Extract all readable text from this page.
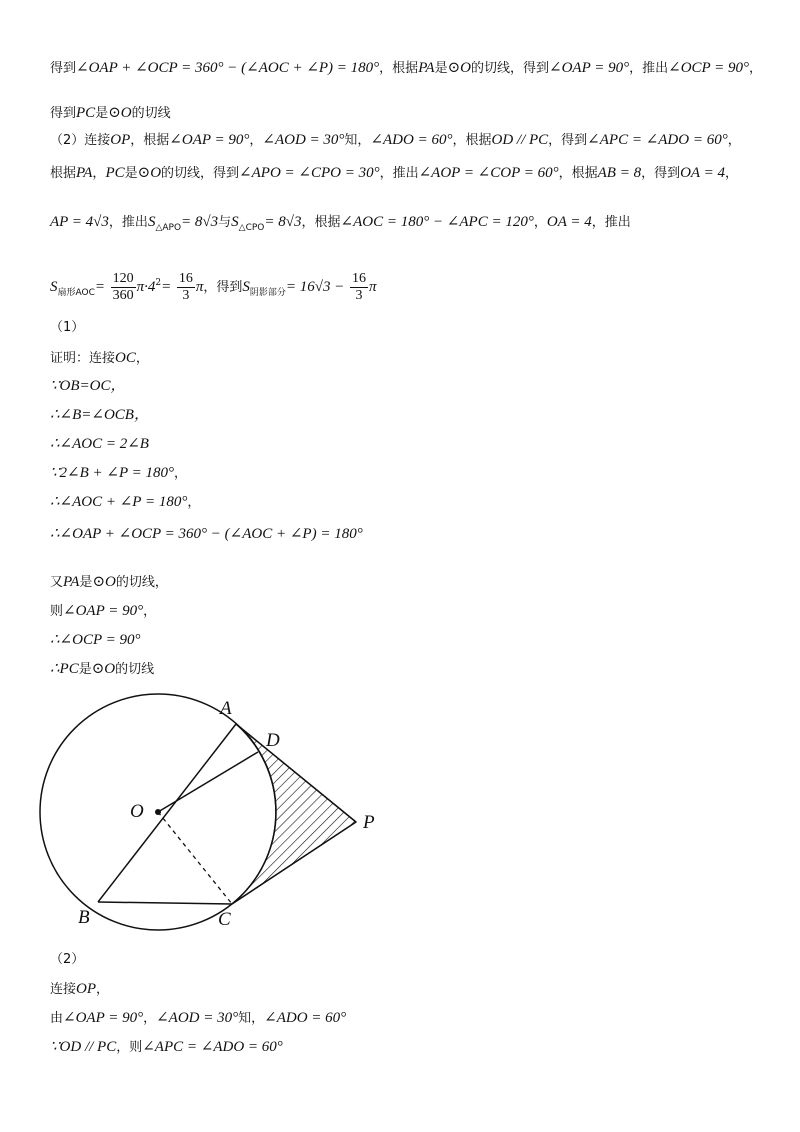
得到∠OAP + ∠OCP = 360° − (∠AOC + ∠P) = 180°，根据PA是⊙O的切线，得到∠OAP = 90°，推出∠OCP = 90°，
得到PC是⊙O的切线
（2）连接OP，根据∠OAP = 90°，∠AOD = 30°知，∠ADO = 60°，根据OD // PC，得到∠APC = ∠ADO = 60°，
根据PA，PC是⊙O的切线，得到∠APO = ∠CPO = 30°，推出∠AOP = ∠COP = 60°，根据AB = 8，得到OA = 4，
AP = 4√3，推出$S_{\triangle APO}= 8√3$与$S_{\triangle CPO}= 8√3$，根据∠AOC = 180° − ∠APC = 120°，OA = 4，推出
$S_{扇形AOC}= \frac{120}{360} \pi\cdot 4^2= \frac{16}{3}$ π，得到$S_{阴影部分}= 16√3 - \frac{16}{3}$ π
（1）
证明：连接OC，
∵OB=OC，
∴∠B=∠OCB，
∴∠AOC = 2∠B
∵2∠B + ∠P = 180°，
∴∠AOC + ∠P = 180°，
∴∠OAP + ∠OCP = 360° − (∠AOC + ∠P) = 180°
又PA是⊙O的切线，
则∠OAP = 90°，
∴∠OCP = 90°
∴PC是⊙O的切线
A
D
O
P
B	C
（2）
连接OP，
由∠OAP = 90°，∠AOD = 30°知，∠ADO = 60°
∵OD // PC，则∠APC = ∠ADO = 60°
